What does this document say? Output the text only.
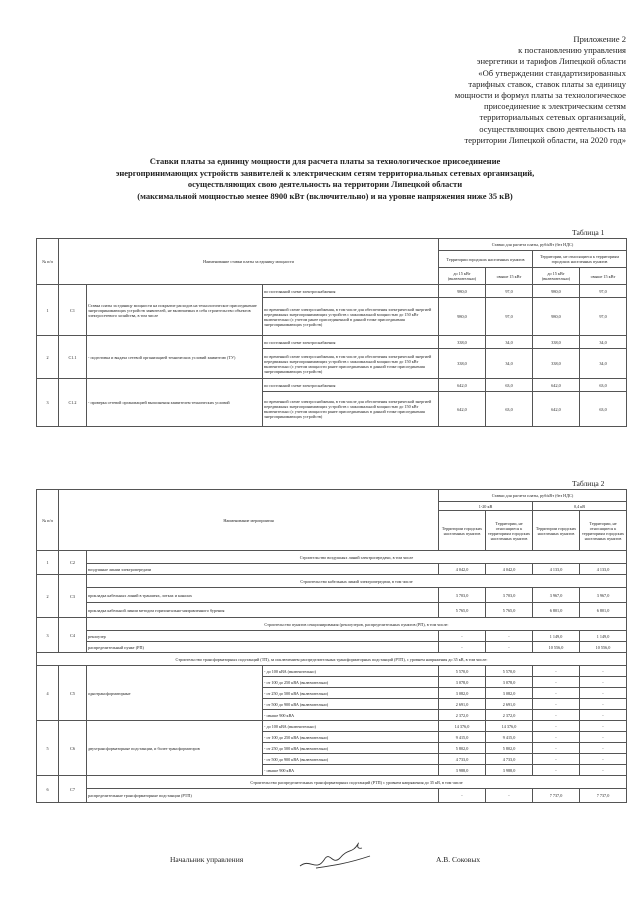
Приложение 2
к постановлению управления
энергетики и тарифов Липецкой области
«Об утверждении стандартизированных
тарифных ставок, ставок платы за единицу
мощности и формул платы за технологическое
присоединение к электрическим сетям
территориальных сетевых организаций,
осуществляющих свою деятельность на
территории Липецкой области, на 2020 год»
Ставки платы за единицу мощности для расчета платы за технологическое присоединение
энергопринимающих устройств заявителей к электрическим сетям территориальных сетевых организаций,
осуществляющих свою деятельность на территории Липецкой области
(максимальной мощностью менее 8900 кВт (включительно) и на уровне напряжения ниже 35 кВ)
Таблица 1
№ п/п	Наименование ставки платы за единицу мощности			Ставки для расчета платы, руб/кВт (без НДС)			
				Территории городских населенных пунктов		Территории, не относящиеся к территориям городских населенных пунктов	
				до 15 кВт (включительно)	свыше 15 кВт	до 15 кВт (включительно)	свыше 15 кВт
1	C1	Ставка платы за единицу мощности на покрытие расходов на технологическое присоединение энергопринимающих устройств заявителей, не включаемых в себя строительство объектов электросетевого хозяйства, в том числе	по постоянной схеме электроснабжения	980,0	97,0	980,0	97,0
			по временной схеме электроснабжения, в том числе для обеспечения электрической энергией передвижных энергопринимающих устройств с максимальной мощностью до 150 кВт включительно (с учетом ранее присоединенной в данной точке присоединения энергопринимающих устройств)	980,0	97,0	980,0	97,0
2	C1.1	- подготовка и выдача сетевой организацией технических условий заявителю (ТУ)	по постоянной схеме электроснабжения	338,0	34,0	338,0	34,0
			по временной схеме электроснабжения, в том числе для обеспечения электрической энергией передвижных энергопринимающих устройств с максимальной мощностью до 150 кВт включительно (с учетом мощности ранее присоединенных в данной точке присоединения энергопринимающих устройств)	338,0	34,0	338,0	34,0
3	C1.2	- проверка сетевой организацией выполнения заявителем технических условий	по постоянной схеме электроснабжения	642,0	63,0	642,0	63,0
			по временной схеме электроснабжения, в том числе для обеспечения электрической энергией передвижных энергопринимающих устройств с максимальной мощностью до 150 кВт включительно (с учетом мощности ранее присоединенных в данной точке присоединения энергопринимающих устройств)	642,0	63,0	642,0	63,0
Таблица 2
№ п/п	Наименование мероприятия			Ставки для расчета платы, руб/кВт (без НДС)			
				1-20 кВ		0,4 кВ	
				Территории городских населенных пунктов	Территории, не относящиеся к территориям городских населенных пунктов	Территории городских населенных пунктов	Территории, не относящиеся к территориям городских населенных пунктов
1	C2	Строительство воздушных линий электропередачи, в том числе					
		воздушные линии электропередачи		4 042,0	4 042,0	4 133,0	4 133,0
2	C3	Строительство кабельных линий электропередачи, в том числе					
		прокладка кабельных линий в траншеях, лотках и каналах		3 703,0	3 703,0	3 967,0	3 967,0
		прокладка кабельной линии методом горизонтально-направленного бурения		5 765,0	5 765,0	6 801,0	6 801,0
3	C4	Строительство пунктов секционирования (реклоузеров, распределительных пунктов (РП), в том числе:					
		реклоузер		-	-	1 149,0	1 149,0
		распределительный пункт (РП)		-	-	10 556,0	10 556,0
Строительство трансформаторных подстанций (ТП), за исключением распределительных трансформаторных подстанций (РТП), с уровнем напряжения до 35 кВ, в том числе:							
4	C5	однотрансформаторные	- до 100 кВА (включительно)	5 570,0	5 570,0	-	-
			- от 100 до 250 кВА (включительно)	3 078,0	3 078,0	-	-
			- от 250 до 500 кВА (включительно)	3 082,0	3 082,0	-	-
			- от 500 до 900 кВА (включительно)	2 691,0	2 691,0	-	-
			- свыше 900 кВА	2 372,0	2 372,0	-	-
5	C6	двухтрансформаторные подстанции, и более трансформаторов	- до 100 кВА (включительно)	14 376,0	14 376,0	-	-
			- от 100 до 250 кВА (включительно)	9 415,0	9 415,0	-	-
			- от 250 до 500 кВА (включительно)	5 802,0	5 802,0	-	-
			- от 500 до 900 кВА (включительно)	4 733,0	4 733,0	-	-
			- свыше 900 кВА	3 988,0	3 988,0	-	-
6	C7	Строительство распределительных трансформаторных подстанций (РТП) с уровнем напряжения до 35 кВ, в том числе					
		распределительные трансформаторные подстанции (РТП)		-	-	7 737,0	7 737,0
Начальник управления	А.В. Соковых
